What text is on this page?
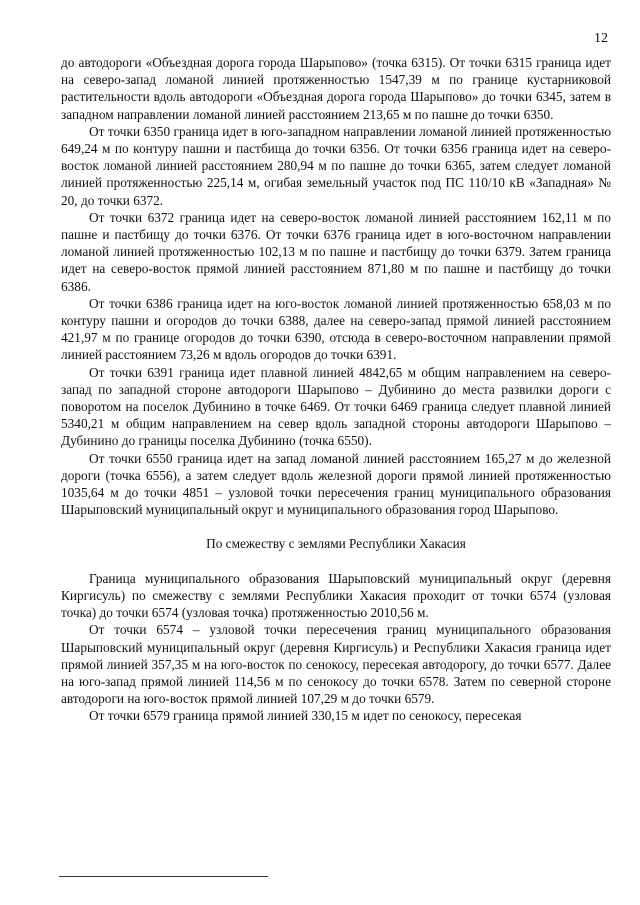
12

до автодороги «Объездная дорога города Шарыпово» (точка 6315). От точки 6315 граница идет на северо-запад ломаной линией протяженностью 1547,39 м по границе кустарниковой растительности вдоль автодороги «Объездная дорога города Шарыпово» до точки 6345, затем в западном направлении ломаной линией расстоянием 213,65 м по пашне до точки 6350.

От точки 6350 граница идет в юго-западном направлении ломаной линией протяженностью 649,24 м по контуру пашни и пастбища до точки 6356. От точки 6356 граница идет на северо-восток ломаной линией расстоянием 280,94 м по пашне до точки 6365, затем следует ломаной линией протяженностью 225,14 м, огибая земельный участок под ПС 110/10 кВ «Западная» № 20, до точки 6372.

От точки 6372 граница идет на северо-восток ломаной линией расстоянием 162,11 м по пашне и пастбищу до точки 6376. От точки 6376 граница идет в юго-восточном направлении ломаной линией протяженностью 102,13 м по пашне и пастбищу до точки 6379. Затем граница идет на северо-восток прямой линией расстоянием 871,80 м по пашне и пастбищу до точки 6386.

От точки 6386 граница идет на юго-восток ломаной линией протяженностью 658,03 м по контуру пашни и огородов до точки 6388, далее на северо-запад прямой линией расстоянием 421,97 м по границе огородов до точки 6390, отсюда в северо-восточном направлении прямой линией расстоянием 73,26 м вдоль огородов до точки 6391.

От точки 6391 граница идет плавной линией 4842,65 м общим направлением на северо-запад по западной стороне автодороги Шарыпово – Дубинино до места развилки дороги с поворотом на поселок Дубинино в точке 6469. От точки 6469 граница следует плавной линией 5340,21 м общим направлением на север вдоль западной стороны автодороги Шарыпово – Дубинино до границы поселка Дубинино (точка 6550).

От точки 6550 граница идет на запад ломаной линией расстоянием 165,27 м до железной дороги (точка 6556), а затем следует вдоль железной дороги прямой линией протяженностью 1035,64 м до точки 4851 – узловой точки пересечения границ муниципального образования Шарыповский муниципальный округ и муниципального образования город Шарыпово.

По смежеству с землями Республики Хакасия

Граница муниципального образования Шарыповский муниципальный округ (деревня Киргисуль) по смежеству с землями Республики Хакасия проходит от точки 6574 (узловая точка) до точки 6574 (узловая точка) протяженностью 2010,56 м.

От точки 6574 – узловой точки пересечения границ муниципального образования Шарыповский муниципальный округ (деревня Киргисуль) и Республики Хакасия граница идет прямой линией 357,35 м на юго-восток по сенокосу, пересекая автодорогу, до точки 6577. Далее на юго-запад прямой линией 114,56 м по сенокосу до точки 6578. Затем по северной стороне автодороги на юго-восток прямой линией 107,29 м до точки 6579.

От точки 6579 граница прямой линией 330,15 м идет по сенокосу, пересекая
